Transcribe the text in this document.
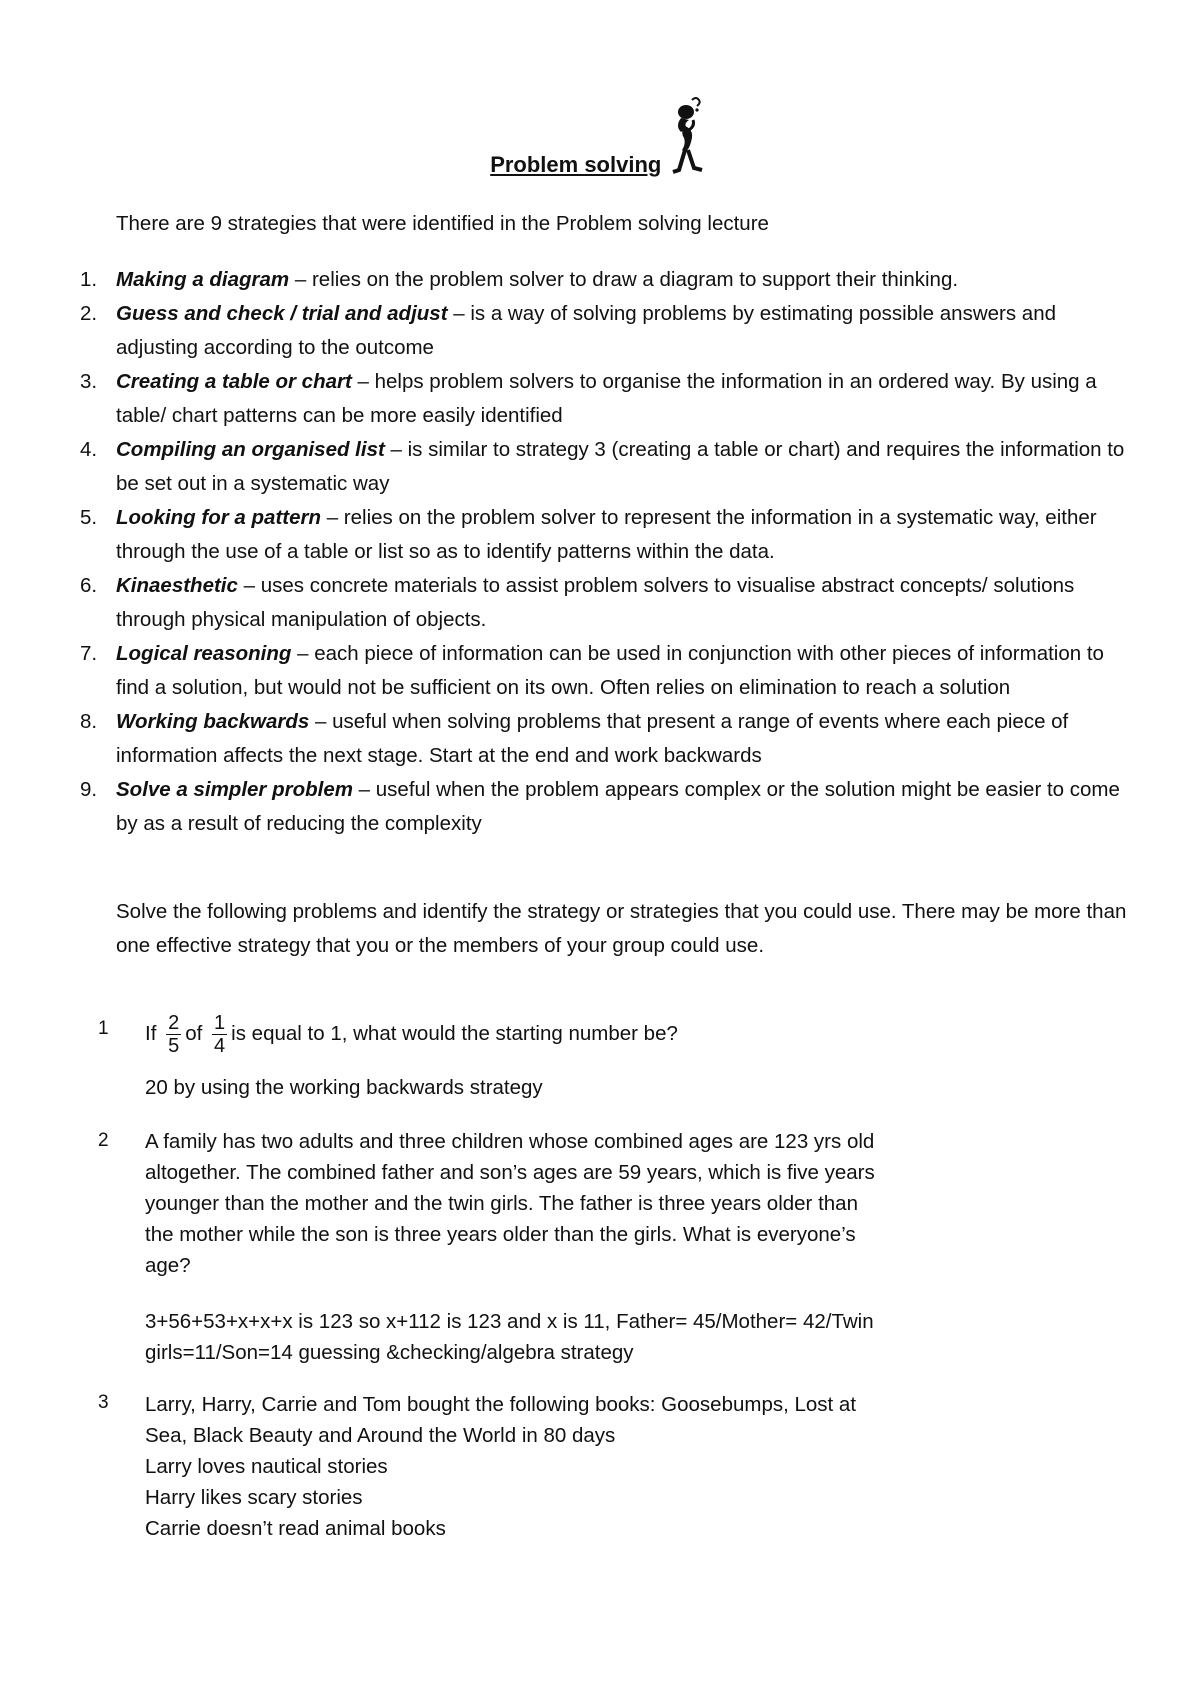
Problem solving
There are 9 strategies that were identified in the Problem solving lecture
1. Making a diagram – relies on the problem solver to draw a diagram to support their thinking.
2. Guess and check / trial and adjust – is a way of solving problems by estimating possible answers and adjusting according to the outcome
3. Creating a table or chart – helps problem solvers to organise the information in an ordered way. By using a table/ chart patterns can be more easily identified
4. Compiling an organised list – is similar to strategy 3 (creating a table or chart) and requires the information to be set out in a systematic way
5. Looking for a pattern – relies on the problem solver to represent the information in a systematic way, either through the use of a table or list so as to identify patterns within the data.
6. Kinaesthetic – uses concrete materials to assist problem solvers to visualise abstract concepts/ solutions through physical manipulation of objects.
7. Logical reasoning – each piece of information can be used in conjunction with other pieces of information to find a solution, but would not be sufficient on its own. Often relies on elimination to reach a solution
8. Working backwards – useful when solving problems that present a range of events where each piece of information affects the next stage. Start at the end and work backwards
9. Solve a simpler problem – useful when the problem appears complex or the solution might be easier to come by as a result of reducing the complexity
Solve the following problems and identify the strategy or strategies that you could use. There may be more than one effective strategy that you or the members of your group could use.
1 If $\frac{2}{5}$ of $\frac{1}{4}$ is equal to 1, what would the starting number be?
20 by using the working backwards strategy
2 A family has two adults and three children whose combined ages are 123 yrs old
altogether. The combined father and son’s ages are 59 years, which is five years
younger than the mother and the twin girls. The father is three years older than
the mother while the son is three years older than the girls. What is everyone’s
age?
3+56+53+x+x+x is 123 so x+112 is 123 and x is 11, Father= 45/Mother= 42/Twin
girls=11/Son=14 guessing &checking/algebra strategy
3 Larry, Harry, Carrie and Tom bought the following books: Goosebumps, Lost at
Sea, Black Beauty and Around the World in 80 days
Larry loves nautical stories
Harry likes scary stories
Carrie doesn’t read animal books
